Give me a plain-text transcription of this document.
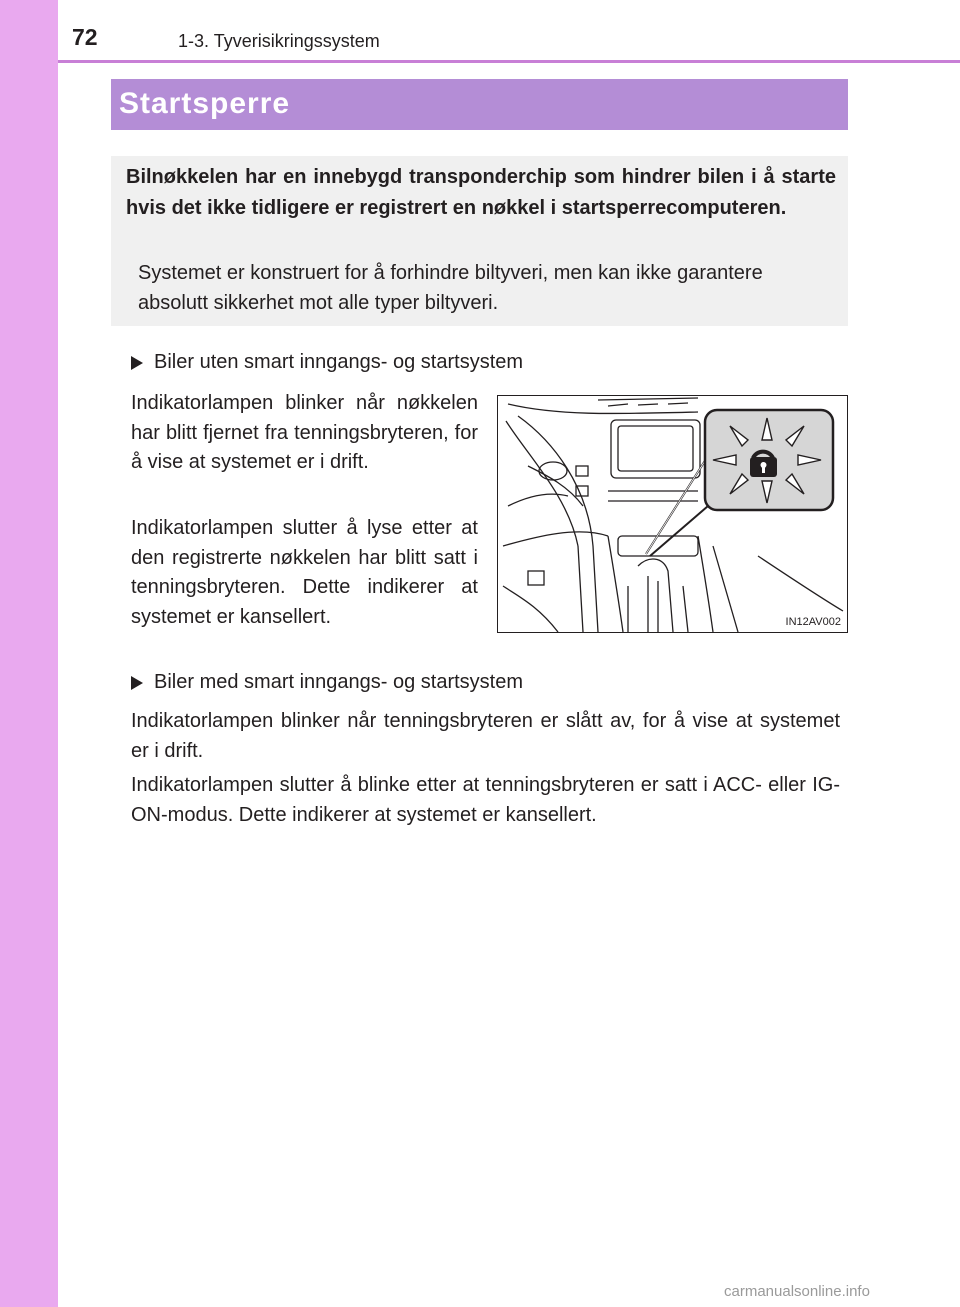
72	1-3. Tyverisikringssystem
Startsperre
Bilnøkkelen har en innebygd transponderchip som hindrer bilen i å starte hvis det ikke tidligere er registrert en nøkkel i startsperrecomputeren.
Systemet er konstruert for å forhindre biltyveri, men kan ikke garantere absolutt sikkerhet mot alle typer biltyveri.
Biler uten smart inngangs- og startsystem

Indikatorlampen blinker når nøkkelen har blitt fjernet fra tenningsbryteren, for å vise at systemet er i drift.

Indikatorlampen slutter å lyse etter at den registrerte nøkkelen har blitt satt i tenningsbryteren. Dette indikerer at systemet er kansellert.	IN12AV002
Biler med smart inngangs- og startsystem

Indikatorlampen blinker når tenningsbryteren er slått av, for å vise at systemet er i drift.

Indikatorlampen slutter å blinke etter at tenningsbryteren er satt i ACC- eller IG-ON-modus. Dette indikerer at systemet er kansellert.

carmanualsonline.info
